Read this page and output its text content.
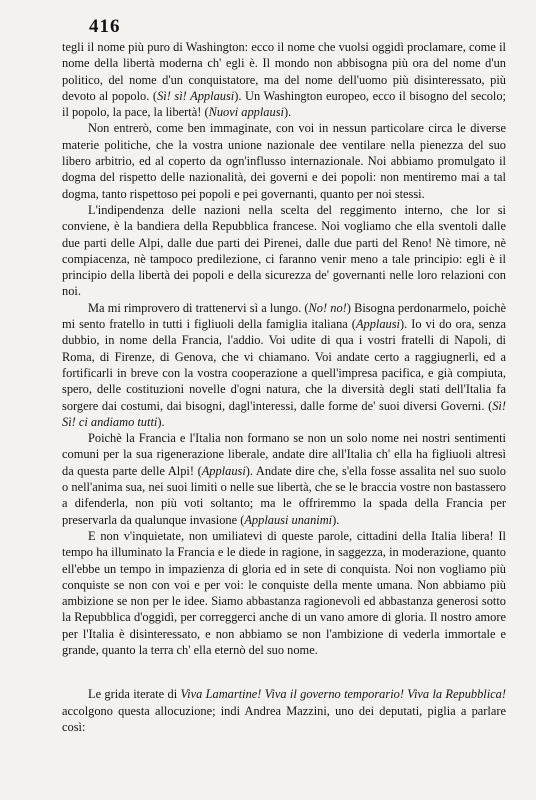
416

tegli il nome più puro di Washington: ecco il nome che vuolsi oggidì proclamare, come il nome della libertà moderna ch' egli è. Il mondo non abbisogna più ora del nome d'un politico, del nome d'un conquistatore, ma del nome dell'uomo più disinteressato, più devoto al popolo. (Sì! sì! Applausi). Un Washington europeo, ecco il bisogno del secolo; il popolo, la pace, la libertà! (Nuovi applausi).

Non entrerò, come ben immaginate, con voi in nessun particolare circa le diverse materie politiche, che la vostra unione nazionale dee ventilare nella pienezza del suo libero arbitrio, ed al coperto da ogn'influsso internazionale. Noi abbiamo promulgato il dogma del rispetto delle nazionalità, dei governi e dei popoli: non mentiremo mai a tal dogma, tanto rispettoso pei popoli e pei governanti, quanto per noi stessi.

L'indipendenza delle nazioni nella scelta del reggimento interno, che lor si conviene, è la bandiera della Repubblica francese. Noi vogliamo che ella sventoli dalle due parti delle Alpi, dalle due parti dei Pirenei, dalle due parti del Reno! Nè timore, nè compiacenza, nè tampoco predilezione, ci faranno venir meno a tale principio: egli è il principio della libertà dei popoli e della sicurezza de' governanti nelle loro relazioni con noi.

Ma mi rimprovero di trattenervi sì a lungo. (No! no!) Bisogna perdonarmelo, poichè mi sento fratello in tutti i figliuoli della famiglia italiana (Applausi). Io vi do ora, senza dubbio, in nome della Francia, l'addio. Voi udite di qua i vostri fratelli di Napoli, di Roma, di Firenze, di Genova, che vi chiamano. Voi andate certo a raggiugnerli, ed a fortificarli in breve con la vostra cooperazione a quell'impresa pacifica, e già compiuta, spero, delle costituzioni novelle d'ogni natura, che la diversità degli stati dell'Italia fa sorgere dai costumi, dai bisogni, dagl'interessi, dalle forme de' suoi diversi Governi. (Sì! Sì! ci andiamo tutti).

Poichè la Francia e l'Italia non formano se non un solo nome nei nostri sentimenti comuni per la sua rigenerazione liberale, andate dire all'Italia ch' ella ha figliuoli altresì da questa parte delle Alpi! (Applausi). Andate dire che, s'ella fosse assalita nel suo suolo o nell'anima sua, nei suoi limiti o nelle sue libertà, che se le braccia vostre non bastassero a difenderla, non più voti soltanto; ma le offriremmo la spada della Francia per preservarla da qualunque invasione (Applausi unanimi).

E non v'inquietate, non umiliatevi di queste parole, cittadini della Italia libera! Il tempo ha illuminato la Francia e le diede in ragione, in saggezza, in moderazione, quanto ell'ebbe un tempo in impazienza di gloria ed in sete di conquista. Noi non vogliamo più conquiste se non con voi e per voi: le conquiste della mente umana. Non abbiamo più ambizione se non per le idee. Siamo abbastanza ragionevoli ed abbastanza generosi sotto la Repubblica d'oggidì, per correggerci anche di un vano amore di gloria. Il nostro amore per l'Italia è disinteressato, e non abbiamo se non l'ambizione di vederla immortale e grande, quanto la terra ch' ella eternò del suo nome.

Le grida iterate di Viva Lamartine! Viva il governo temporario! Viva la Repubblica! accolgono questa allocuzione; indi Andrea Mazzini, uno dei deputati, piglia a parlare così:
